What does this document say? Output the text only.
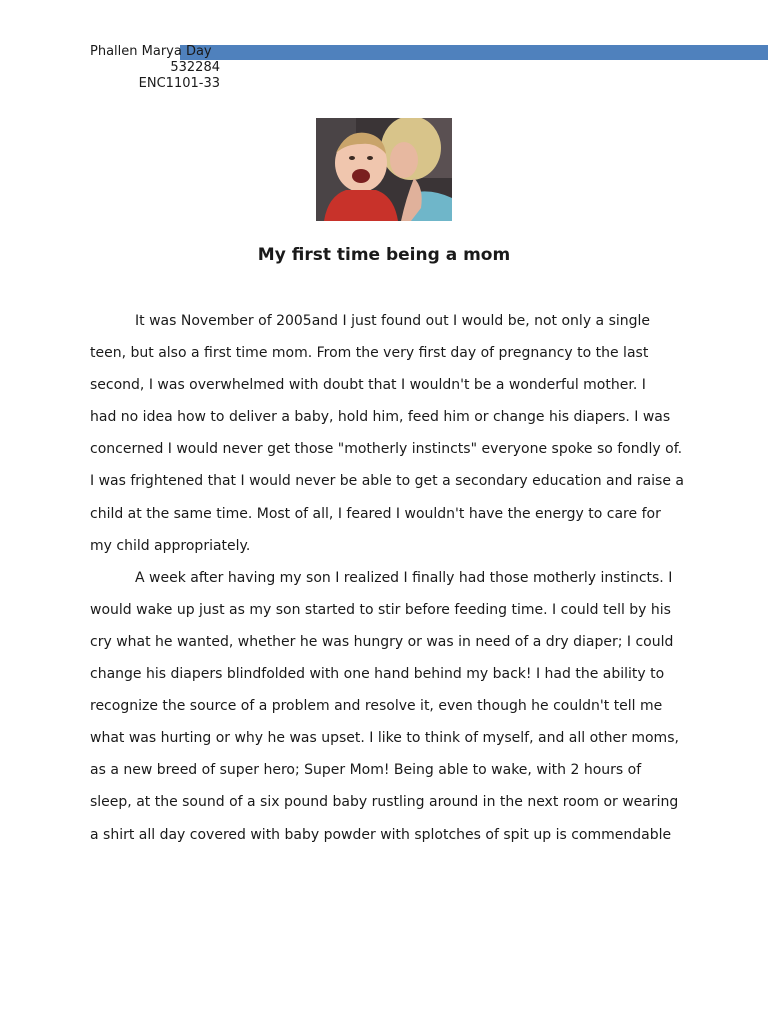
Phallen Marya Day
532284
ENC1101-33
My first time being a mom
It was November of 2005and I just found out I would be, not only a single
teen, but also a first time mom. From the very first day of pregnancy to the last
second, I was overwhelmed with doubt that I wouldn't be a wonderful mother. I
had no idea how to deliver a baby, hold him, feed him or change his diapers. I was
concerned I would never get those "motherly instincts" everyone spoke so fondly of.
I was frightened that I would never be able to get a secondary education and raise a
child at the same time. Most of all, I feared I wouldn't have the energy to care for
my child appropriately.
A week after having my son I realized I finally had those motherly instincts. I
would wake up just as my son started to stir before feeding time. I could tell by his
cry what he wanted, whether he was hungry or was in need of a dry diaper; I could
change his diapers blindfolded with one hand behind my back! I had the ability to
recognize the source of a problem and resolve it, even though he couldn't tell me
what was hurting or why he was upset. I like to think of myself, and all other moms,
as a new breed of super hero; Super Mom! Being able to wake, with 2 hours of
sleep, at the sound of a six pound baby rustling around in the next room or wearing
a shirt all day covered with baby powder with splotches of spit up is commendable
